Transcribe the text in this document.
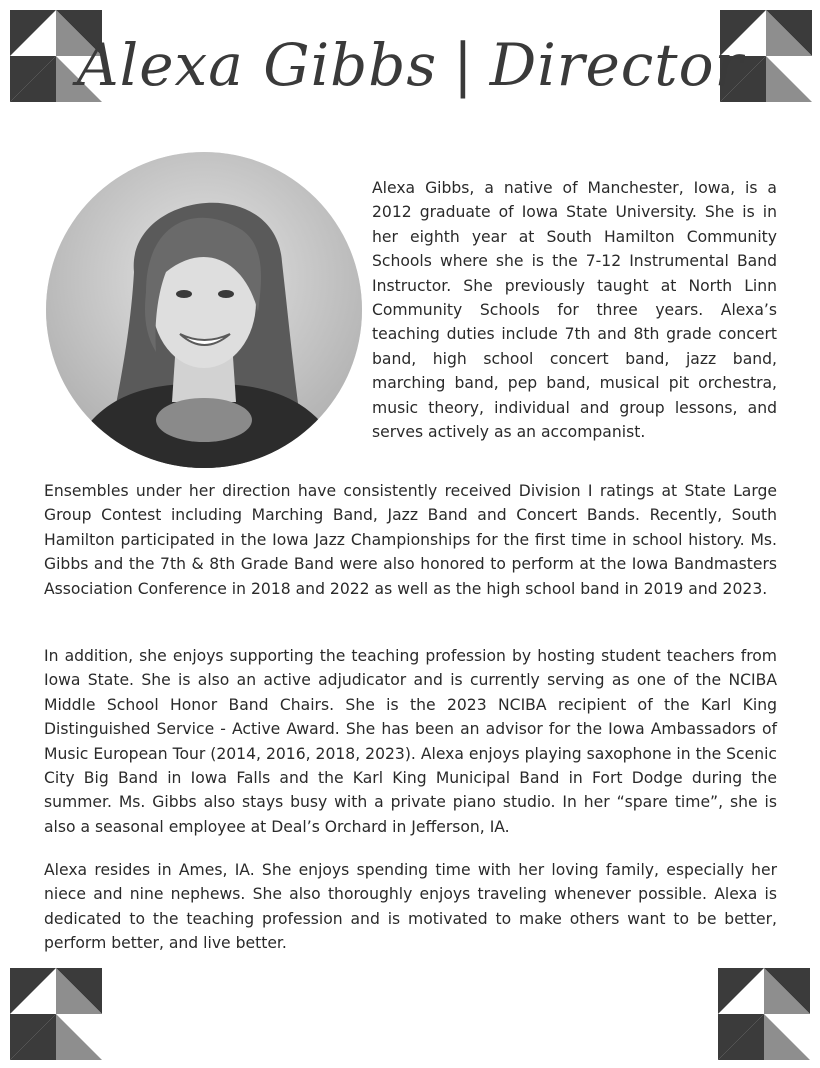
Alexa Gibbs | Director

Alexa Gibbs, a native of Manchester, Iowa, is a 2012 graduate of Iowa State University. She is in her eighth year at South Hamilton Community Schools where she is the 7-12 Instrumental Band Instructor. She previously taught at North Linn Community Schools for three years. Alexa’s teaching duties include 7th and 8th grade concert band, high school concert band, jazz band, marching band, pep band, musical pit orchestra, music theory, individual and group lessons, and serves actively as an accompanist.

Ensembles under her direction have consistently received Division I ratings at State Large Group Contest including Marching Band, Jazz Band and Concert Bands. Recently, South Hamilton participated in the Iowa Jazz Championships for the first time in school history. Ms. Gibbs and the 7th & 8th Grade Band were also honored to perform at the Iowa Bandmasters Association Conference in 2018 and 2022 as well as the high school band in 2019 and 2023.

In addition, she enjoys supporting the teaching profession by hosting student teachers from Iowa State. She is also an active adjudicator and is currently serving as one of the NCIBA Middle School Honor Band Chairs. She is the 2023 NCIBA recipient of the Karl King Distinguished Service - Active Award. She has been an advisor for the Iowa Ambassadors of Music European Tour (2014, 2016, 2018, 2023). Alexa enjoys playing saxophone in the Scenic City Big Band in Iowa Falls and the Karl King Municipal Band in Fort Dodge during the summer. Ms. Gibbs also stays busy with a private piano studio. In her “spare time”, she is also a seasonal employee at Deal’s Orchard in Jefferson, IA.

Alexa resides in Ames, IA. She enjoys spending time with her loving family, especially her niece and nine nephews. She also thoroughly enjoys traveling whenever possible. Alexa is dedicated to the teaching profession and is motivated to make others want to be better, perform better, and live better.
